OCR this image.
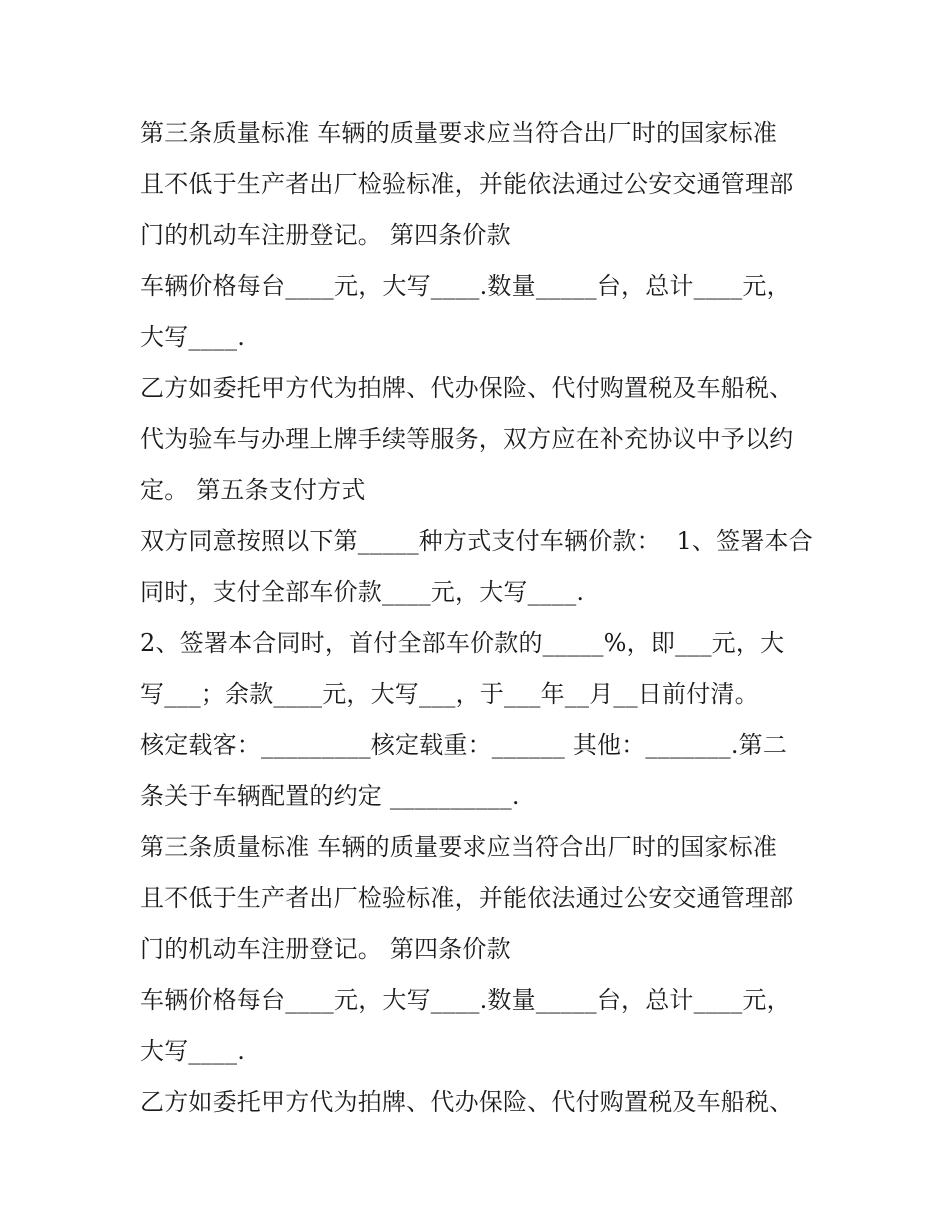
第三条质量标准 车辆的质量要求应当符合出厂时的国家标准
且不低于生产者出厂检验标准，并能依法通过公安交通管理部
门的机动车注册登记。 第四条价款
车辆价格每台____元，大写____.数量_____台，总计____元，
大写____.
乙方如委托甲方代为拍牌、代办保险、代付购置税及车船税、
代为验车与办理上牌手续等服务，双方应在补充协议中予以约
定。 第五条支付方式
双方同意按照以下第_____种方式支付车辆价款：  1、签署本合
同时，支付全部车价款____元，大写____.
2、签署本合同时，首付全部车价款的_____%，即___元，大
写___；余款____元，大写___，于___年__月__日前付清。
核定载客：_________核定载重：______ 其他：_______.第二
条关于车辆配置的约定 __________.
第三条质量标准 车辆的质量要求应当符合出厂时的国家标准
且不低于生产者出厂检验标准，并能依法通过公安交通管理部
门的机动车注册登记。 第四条价款
车辆价格每台____元，大写____.数量_____台，总计____元，
大写____.
乙方如委托甲方代为拍牌、代办保险、代付购置税及车船税、
